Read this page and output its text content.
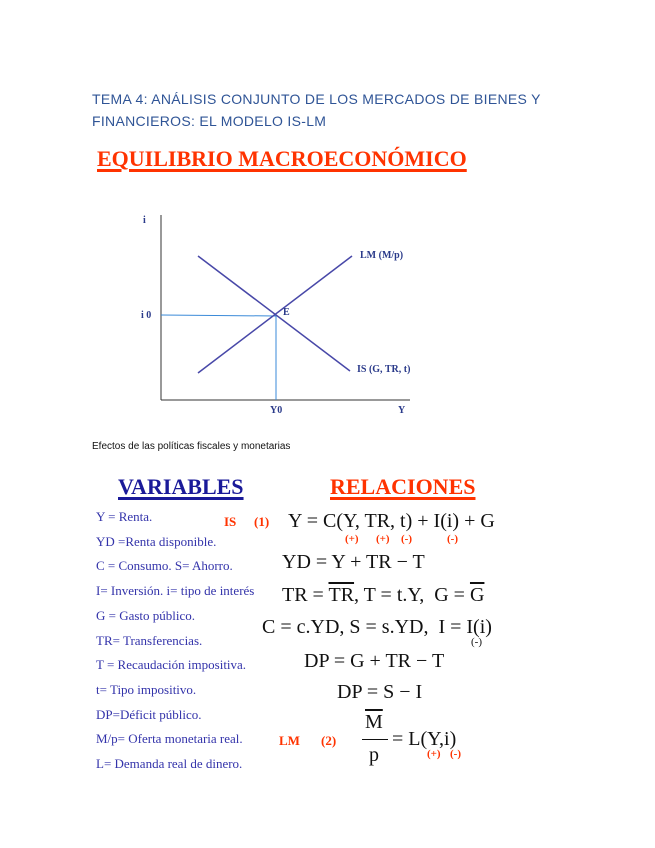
TEMA 4: ANÁLISIS CONJUNTO DE LOS MERCADOS DE BIENES Y
FINANCIEROS: EL MODELO IS-LM
EQUILIBRIO MACROECONÓMICO
i
i 0	E
LM (M/p)
IS (G, TR, t)
Y0	Y
Efectos de las políticas fiscales y monetarias
VARIABLES	RELACIONES
Y = Renta.
YD =Renta disponible.
C = Consumo. S= Ahorro.
I= Inversión. i= tipo de interés
G = Gasto público.
TR= Transferencias.
T = Recaudación impositiva.
t= Tipo impositivo.
DP=Déficit público.
M/p= Oferta monetaria real.
L= Demanda real de dinero.
IS (1) Y = C(Y, TR, t) + I(i) + G
(+) (+) (-)	(-)
YD = Y + TR − T
TR = $\overline{TR}$, T = t.Y,  $G = \overline{G}$
C = c.YD, S = s.YD,  I = I(i)
(-)
DP = G + TR − T
DP = S − I
LM (2)
$\overline{M}$
p
= L(Y,i)
(+) (-)
